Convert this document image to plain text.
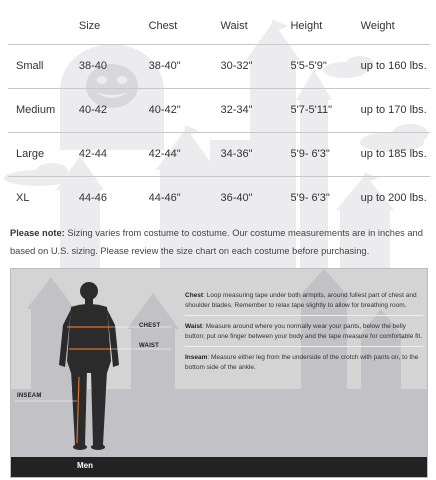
	Size	Chest	Waist	Height	Weight
Small	38-40	38-40"	30-32"	5'5-5'9"	up to 160 lbs.
Medium	40-42	40-42"	32-34"	5'7-5'11"	up to 170 lbs.
Large	42-44	42-44"	34-36"	5'9- 6'3"	up to 185 lbs.
XL	44-46	44-46"	36-40"	5'9- 6'3"	up to 200 lbs.

Please note: Sizing varies from costume to costume. Our costume measurements are in inches and based on U.S. sizing. Please review the size chart on each costume before purchasing.

CHEST
WAIST
INSEAM
Chest: Loop measuring tape under both armpits, around fullest part of chest and shoulder blades. Remember to relax tape slightly to allow for breathing room.
Waist: Measure around where you normally wear your pants, below the belly button; put one finger between your body and the tape measure for comfortable fit.
Inseam: Measure either leg from the underside of the crotch with pants on, to the bottom side of the ankle.
Men
